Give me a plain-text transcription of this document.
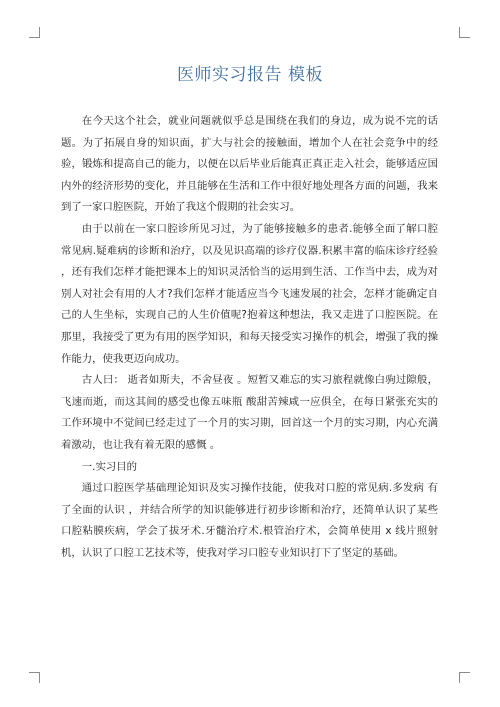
医师实习报告 模板

在今天这个社会，就业问题就似乎总是围绕在我们的身边，成为说不完的话题。为了拓展自身的知识面，扩大与社会的接触面，增加个人在社会竞争中的经验，锻炼和提高自己的能力，以便在以后毕业后能真正真正走入社会，能够适应国内外的经济形势的变化，并且能够在生活和工作中很好地处理各方面的问题，我来到了一家口腔医院，开始了我这个假期的社会实习。

由于以前在一家口腔诊所见习过，为了能够接触多的患者.能够全面了解口腔常见病.疑难病的诊断和治疗，以及见识高端的诊疗仪器.积累丰富的临床诊疗经验 ，还有我们怎样才能把课本上的知识灵活恰当的运用到生活、工作当中去，成为对别人对社会有用的人才?我们怎样才能适应当今飞速发展的社会，怎样才能确定自己的人生坐标，实现自己的人生价值呢?抱着这种想法，我又走进了口腔医院。在那里，我接受了更为有用的医学知识，和每天接受实习操作的机会，增强了我的操作能力，使我更迈向成功。

古人曰： 逝者如斯夫，不舍昼夜 。短暂又难忘的实习旅程就像白驹过隙般，飞速而逝，而这其间的感受也像五味瓶 酸甜苦辣咸一应俱全，在每日紧张充实的工作环境中不觉间已经走过了一个月的实习期，回首这一个月的实习期，内心充满着激动，也让我有着无限的感慨 。

一.实习目的

通过口腔医学基础理论知识及实习操作技能，使我对口腔的常见病.多发病 有了全面的认识 ，并结合所学的知识能够进行初步诊断和治疗，还简单认识了某些口腔粘膜疾病，学会了拔牙术.牙髓治疗术.根管治疗术，会简单使用 x 线片照射机，认识了口腔工艺技术等，使我对学习口腔专业知识打下了坚定的基础。
